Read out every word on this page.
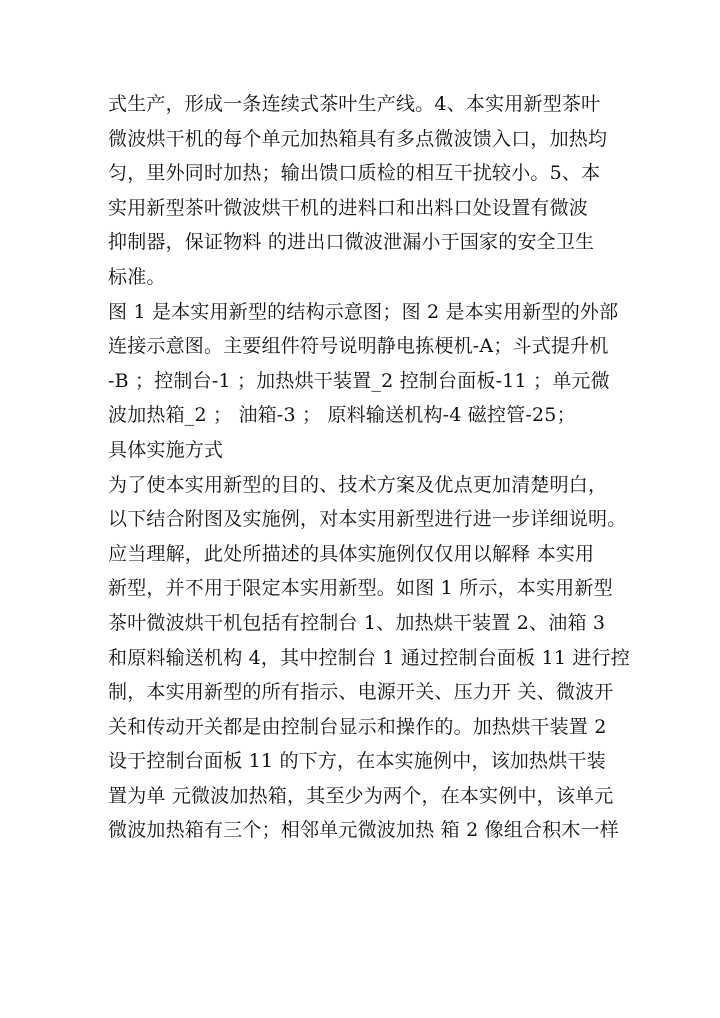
式生产，形成一条连续式茶叶生产线。4、本实用新型茶叶
微波烘干机的每个单元加热箱具有多点微波馈入口，加热均
匀，里外同时加热；输出馈口质检的相互干扰较小。5、本
实用新型茶叶微波烘干机的进料口和出料口处设置有微波
抑制器，保证物料 的进出口微波泄漏小于国家的安全卫生
标准。
图 1 是本实用新型的结构示意图；图 2 是本实用新型的外部
连接示意图。主要组件符号说明静电拣梗机-A；斗式提升机
-B ；控制台-1 ；加热烘干装置_2 控制台面板-11 ；单元微
波加热箱_2 ； 油箱-3 ； 原料输送机构-4 磁控管-25；
具体实施方式
为了使本实用新型的目的、技术方案及优点更加清楚明白，
以下结合附图及实施例，对本实用新型进行进一步详细说明。
应当理解，此处所描述的具体实施例仅仅用以解释 本实用
新型，并不用于限定本实用新型。如图 1 所示，本实用新型
茶叶微波烘干机包括有控制台 1、加热烘干装置 2、油箱 3
和原料输送机构 4，其中控制台 1 通过控制台面板 11 进行控
制，本实用新型的所有指示、电源开关、压力开 关、微波开
关和传动开关都是由控制台显示和操作的。加热烘干装置 2
设于控制台面板 11 的下方，在本实施例中，该加热烘干装
置为单 元微波加热箱，其至少为两个，在本实例中，该单元
微波加热箱有三个；相邻单元微波加热 箱 2 像组合积木一样
